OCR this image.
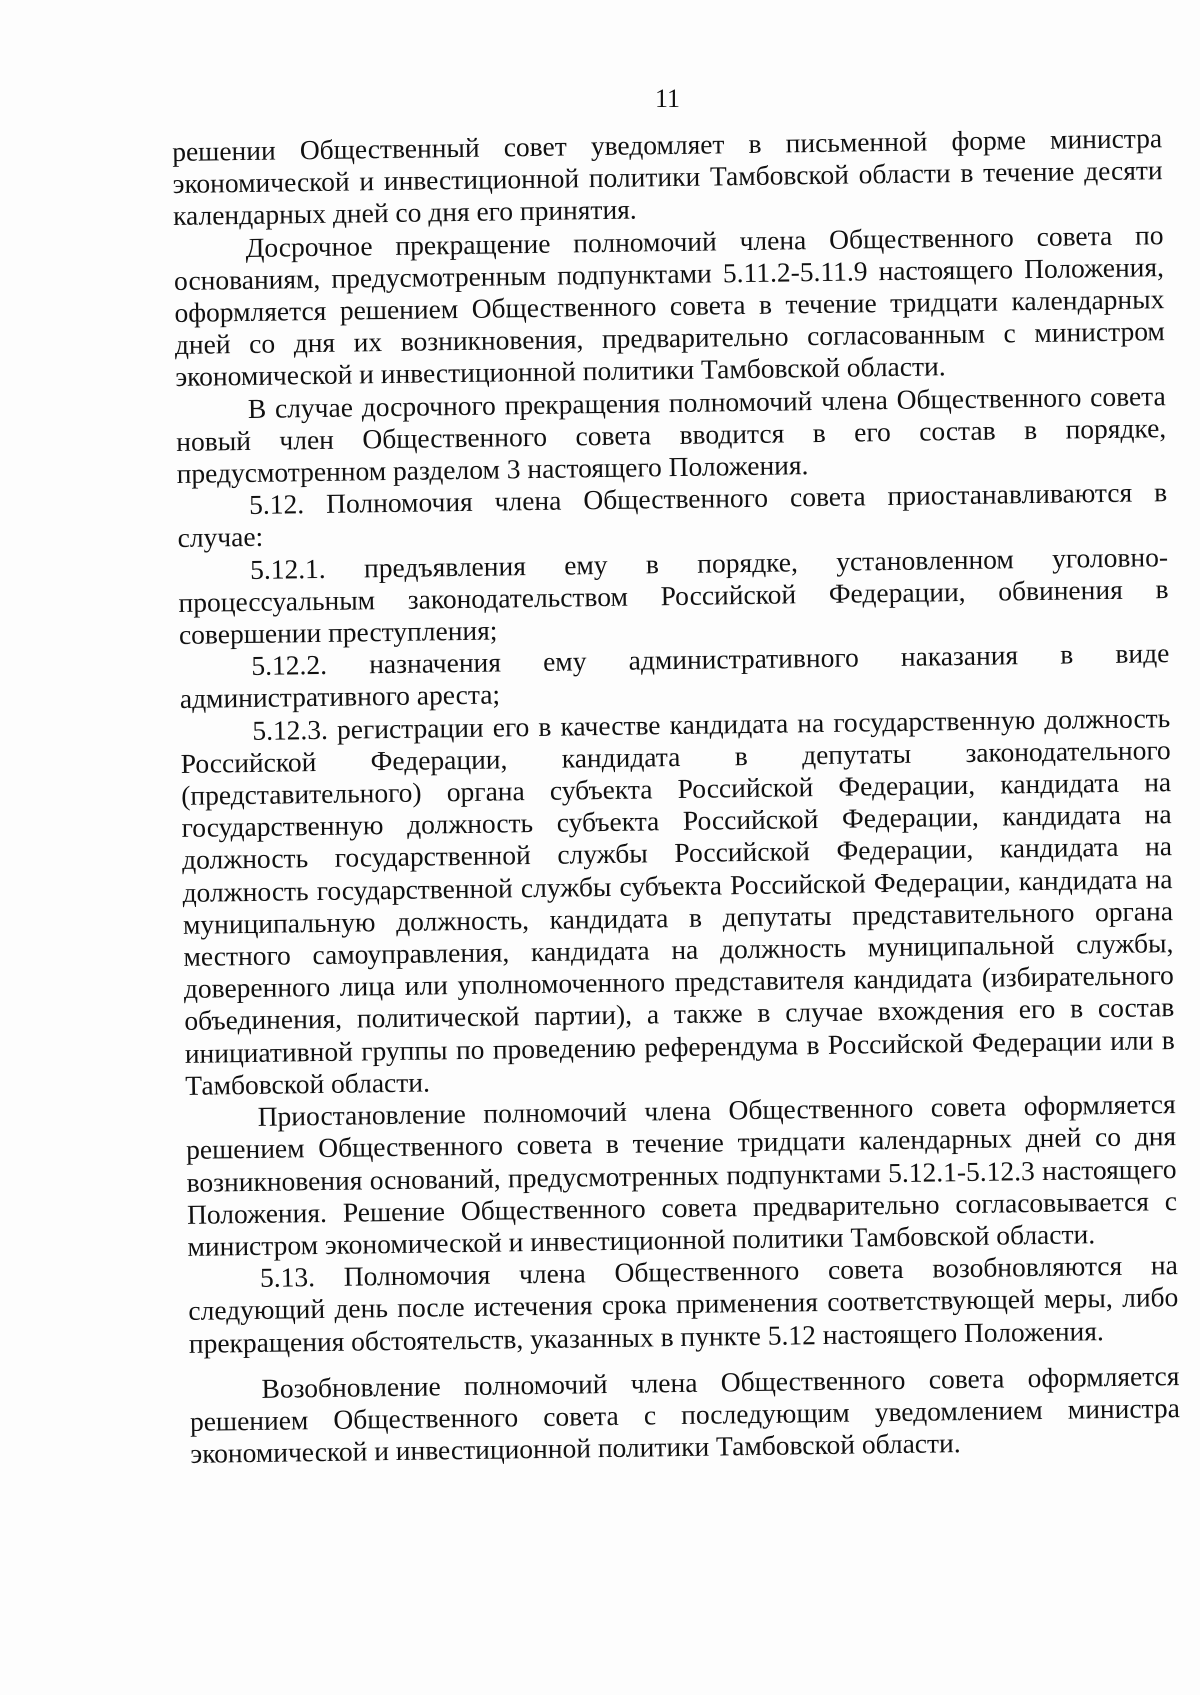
11

решении Общественный совет уведомляет в письменной форме министра экономической и инвестиционной политики Тамбовской области в течение десяти календарных дней со дня его принятия.

Досрочное прекращение полномочий члена Общественного совета по основаниям, предусмотренным подпунктами 5.11.2-5.11.9 настоящего Положения, оформляется решением Общественного совета в течение тридцати календарных дней со дня их возникновения, предварительно согласованным с министром экономической и инвестиционной политики Тамбовской области.

В случае досрочного прекращения полномочий члена Общественного совета новый член Общественного совета вводится в его состав в порядке, предусмотренном разделом 3 настоящего Положения.

5.12. Полномочия члена Общественного совета приостанавливаются в случае:

5.12.1. предъявления ему в порядке, установленном уголовно-процессуальным законодательством Российской Федерации, обвинения в совершении преступления;

5.12.2. назначения ему административного наказания в виде административного ареста;

5.12.3. регистрации его в качестве кандидата на государственную должность Российской Федерации, кандидата в депутаты законодательного (представительного) органа субъекта Российской Федерации, кандидата на государственную должность субъекта Российской Федерации, кандидата на должность государственной службы Российской Федерации, кандидата на должность государственной службы субъекта Российской Федерации, кандидата на муниципальную должность, кандидата в депутаты представительного органа местного самоуправления, кандидата на должность муниципальной службы, доверенного лица или уполномоченного представителя кандидата (избирательного объединения, политической партии), а также в случае вхождения его в состав инициативной группы по проведению референдума в Российской Федерации или в Тамбовской области.

Приостановление полномочий члена Общественного совета оформляется решением Общественного совета в течение тридцати календарных дней со дня возникновения оснований, предусмотренных подпунктами 5.12.1-5.12.3 настоящего Положения. Решение Общественного совета предварительно согласовывается с министром экономической и инвестиционной политики Тамбовской области.

5.13. Полномочия члена Общественного совета возобновляются на следующий день после истечения срока применения соответствующей меры, либо прекращения обстоятельств, указанных в пункте 5.12 настоящего Положения.

Возобновление полномочий члена Общественного совета оформляется решением Общественного совета с последующим уведомлением министра экономической и инвестиционной политики Тамбовской области.
